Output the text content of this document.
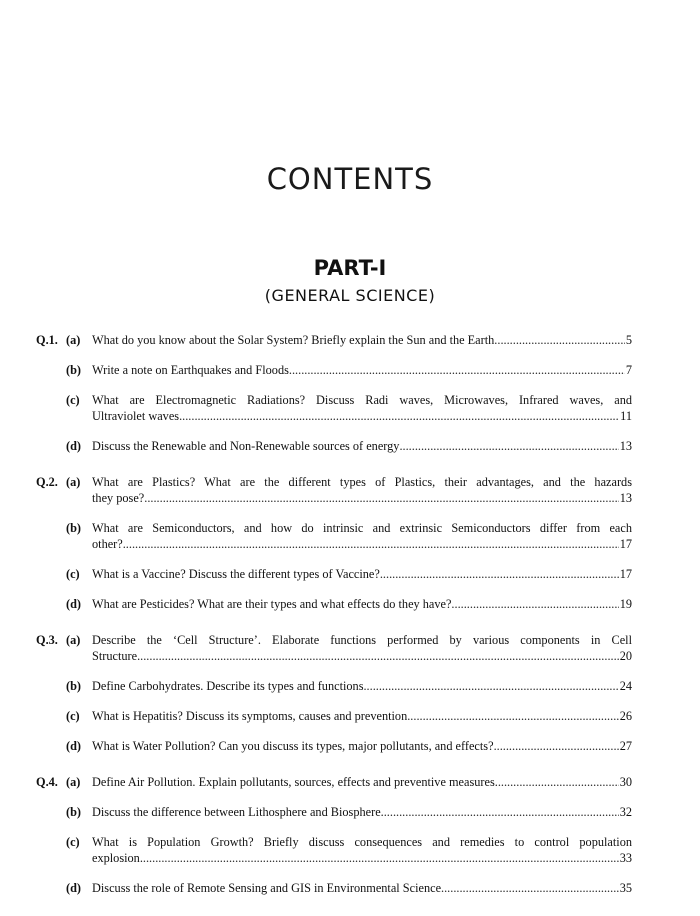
CONTENTS
PART-I
(GENERAL SCIENCE)
Q.1. (a) What do you know about the Solar System? Briefly explain the Sun and the Earth .....	5
(b) Write a note on Earthquakes and Floods .....	7
(c) What are Electromagnetic Radiations? Discuss Radi waves, Microwaves, Infrared waves, and
Ultraviolet waves .....	11
(d) Discuss the Renewable and Non-Renewable sources of energy .....	13
Q.2. (a) What are Plastics? What are the different types of Plastics, their advantages, and the hazards
they pose? .....	13
(b) What are Semiconductors, and how do intrinsic and extrinsic Semiconductors differ from each
other? .....	17
(c) What is a Vaccine? Discuss the different types of Vaccine? .....	17
(d) What are Pesticides? What are their types and what effects do they have? .....	19
Q.3. (a) Describe the ‘Cell Structure’. Elaborate functions performed by various components in Cell
Structure. .....	20
(b) Define Carbohydrates. Describe its types and functions .....	24
(c) What is Hepatitis? Discuss its symptoms, causes and prevention .....	26
(d) What is Water Pollution? Can you discuss its types, major pollutants, and effects? .....	27
Q.4. (a) Define Air Pollution. Explain pollutants, sources, effects and preventive measures. .....	30
(b) Discuss the difference between Lithosphere and Biosphere. .....	32
(c) What is Population Growth? Briefly discuss consequences and remedies to control population
explosion. .....	33
(d) Discuss the role of Remote Sensing and GIS in Environmental Science .....	35
